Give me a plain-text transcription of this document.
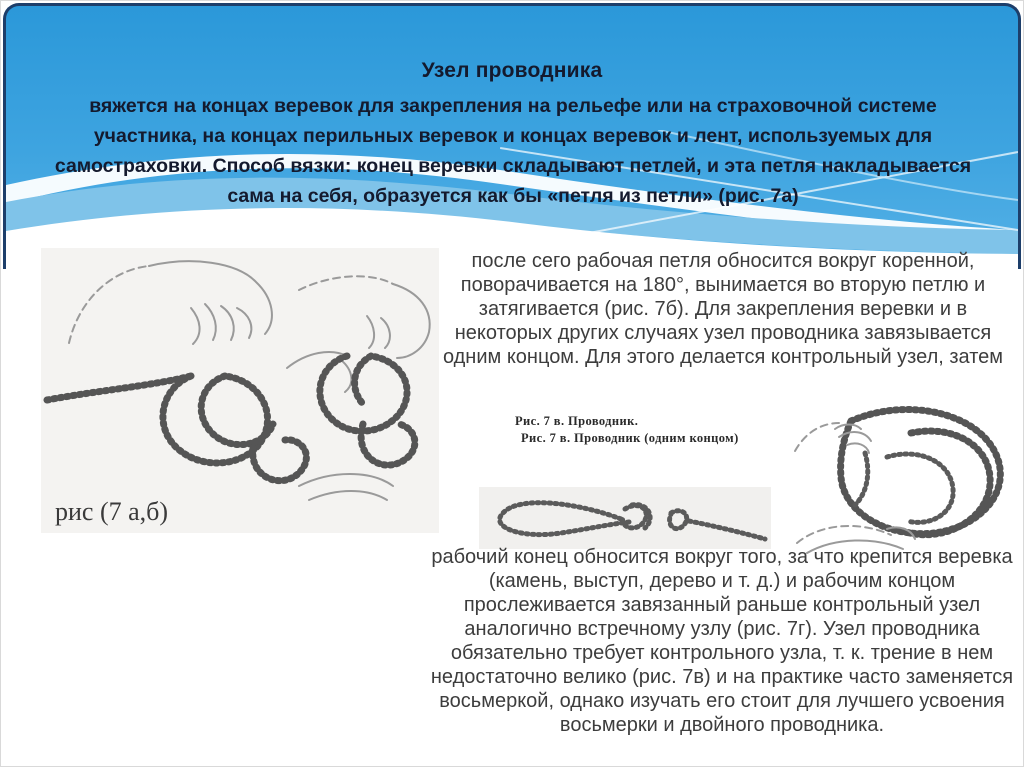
Узел проводника
вяжется на концах веревок для закрепления на рельефе или на страховочной системе участника, на концах перильных веревок и концах веревок и лент, используемых для самостраховки. Способ вязки: конец веревки складывают петлей, и эта петля накладывается сама на себя, образуется как бы «петля из петли» (рис. 7а)
рис (7 а,б)
после сего рабочая петля обносится вокруг коренной, поворачивается на 180°, вынимается во вторую петлю и затягивается (рис. 7б). Для закрепления веревки и в некоторых других случаях узел проводника завязывается одним концом. Для этого делается контрольный узел, затем
Рис. 7 в. Проводник.
Рис. 7 в. Проводник (одним концом)
рабочий конец обносится вокруг того, за что крепится веревка (камень, выступ, дерево и т. д.) и рабочим концом прослеживается завязанный раньше контрольный узел аналогично встречному узлу (рис. 7г). Узел проводника обязательно требует контрольного узла, т. к. трение в нем недостаточно велико (рис. 7в) и на практике часто заменяется восьмеркой, однако изучать его стоит для лучшего усвоения восьмерки и двойного проводника.
